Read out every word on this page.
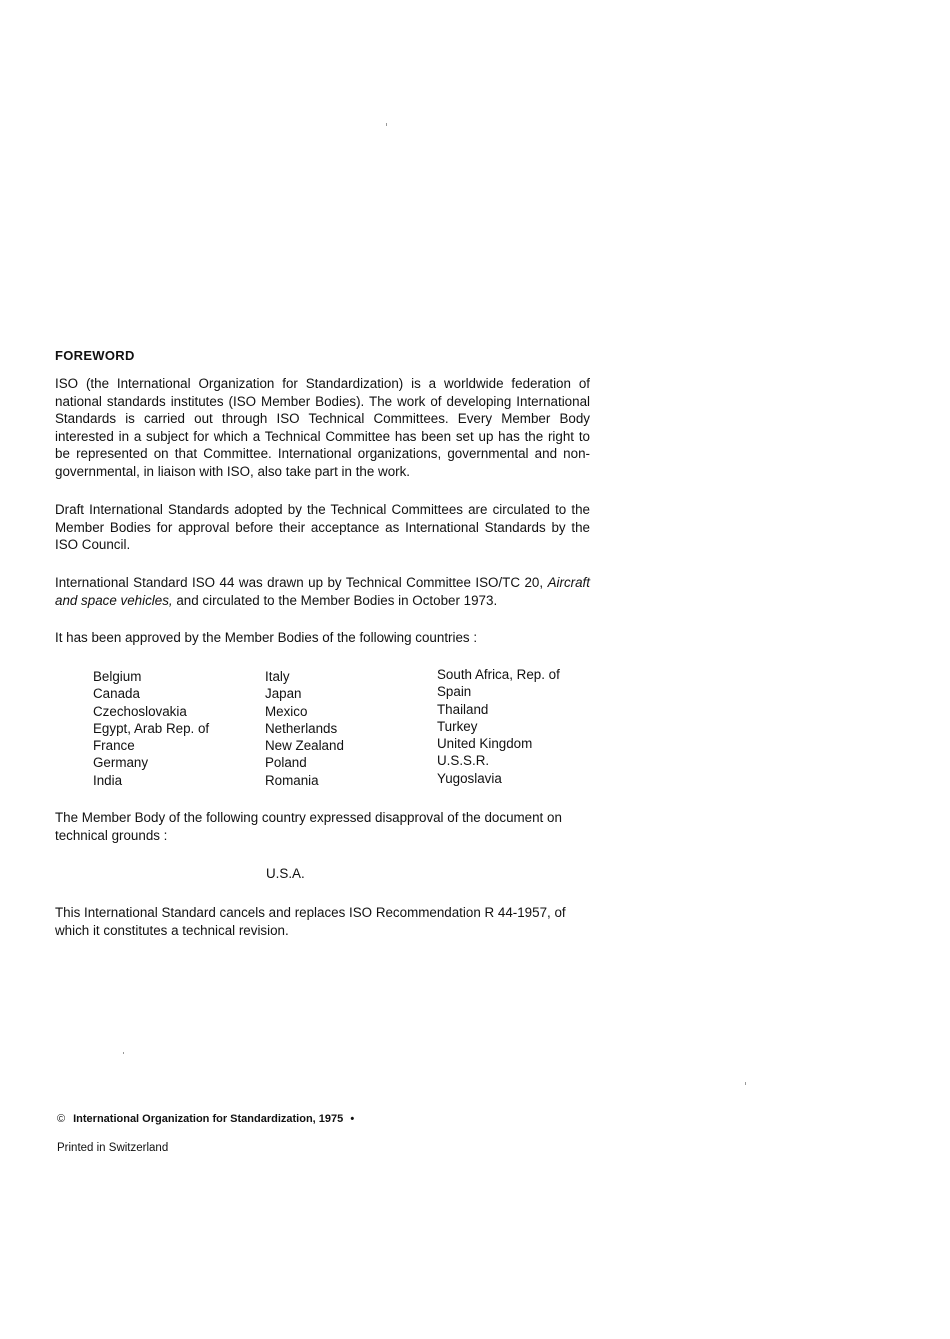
FOREWORD

ISO (the International Organization for Standardization) is a worldwide federation of national standards institutes (ISO Member Bodies). The work of developing International Standards is carried out through ISO Technical Committees. Every Member Body interested in a subject for which a Technical Committee has been set up has the right to be represented on that Committee. International organizations, governmental and non-governmental, in liaison with ISO, also take part in the work.

Draft International Standards adopted by the Technical Committees are circulated to the Member Bodies for approval before their acceptance as International Standards by the ISO Council.

International Standard ISO 44 was drawn up by Technical Committee ISO/TC 20, Aircraft and space vehicles, and circulated to the Member Bodies in October 1973.

It has been approved by the Member Bodies of the following countries :

Belgium
Canada
Czechoslovakia
Egypt, Arab Rep. of
France
Germany
India
Italy
Japan
Mexico
Netherlands
New Zealand
Poland
Romania
South Africa, Rep. of
Spain
Thailand
Turkey
United Kingdom
U.S.S.R.
Yugoslavia

The Member Body of the following country expressed disapproval of the document on technical grounds :

U.S.A.

This International Standard cancels and replaces ISO Recommendation R 44-1957, of which it constitutes a technical revision.

© International Organization for Standardization, 1975 •
Printed in Switzerland
